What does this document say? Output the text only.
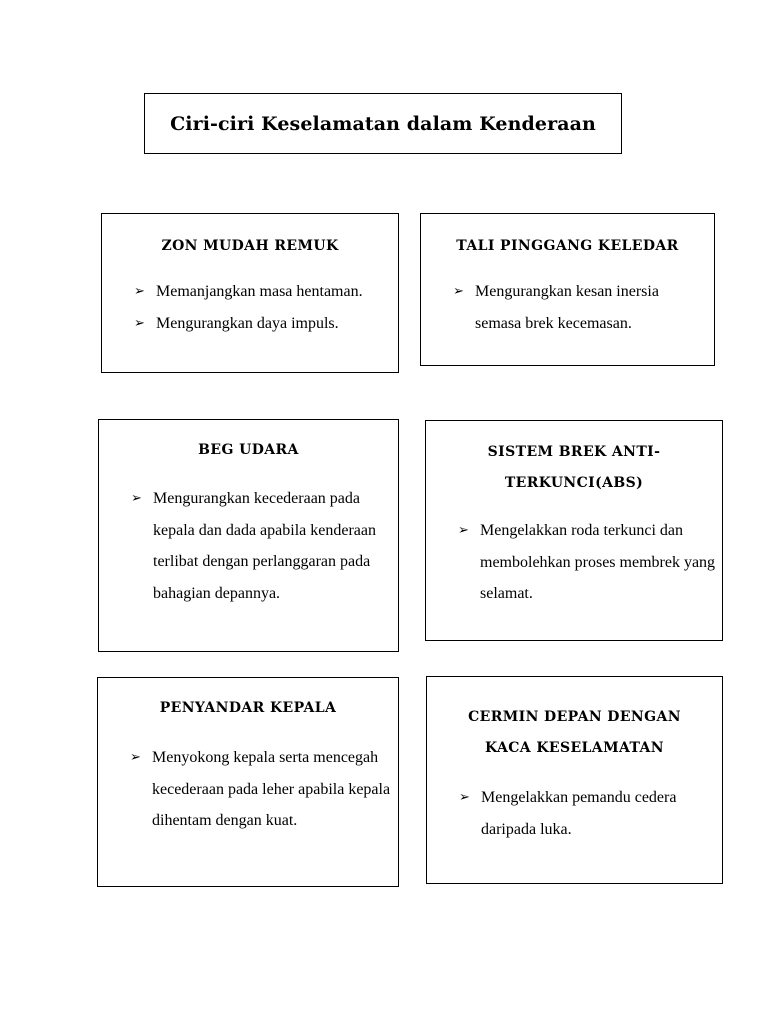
Ciri-ciri Keselamatan dalam Kenderaan
ZON MUDAH REMUK
➢ Memanjangkan masa hentaman.
➢ Mengurangkan daya impuls.
TALI PINGGANG KELEDAR
➢ Mengurangkan kesan inersia semasa brek kecemasan.
BEG UDARA
➢ Mengurangkan kecederaan pada kepala dan dada apabila kenderaan terlibat dengan perlanggaran pada bahagian depannya.
SISTEM BREK ANTI-TERKUNCI(ABS)
➢ Mengelakkan roda terkunci dan membolehkan proses membrek yang selamat.
PENYANDAR KEPALA
➢ Menyokong kepala serta mencegah kecederaan pada leher apabila kepala dihentam dengan kuat.
CERMIN DEPAN DENGAN KACA KESELAMATAN
➢ Mengelakkan pemandu cedera daripada luka.
